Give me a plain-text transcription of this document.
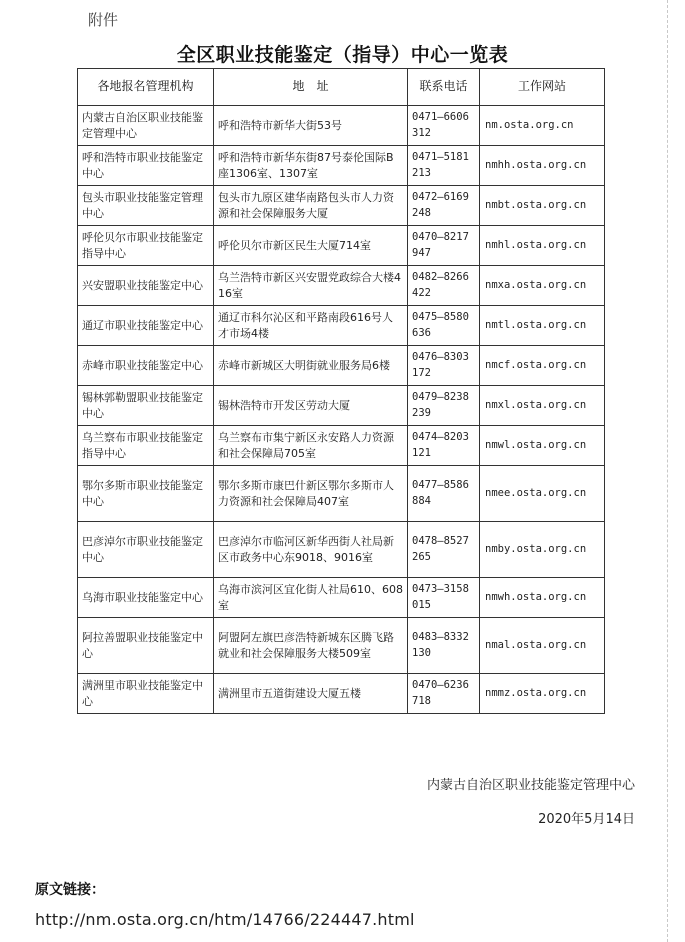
附件
全区职业技能鉴定（指导）中心一览表
各地报名管理机构	地　址	联系电话	工作网站
内蒙古自治区职业技能鉴定管理中心	呼和浩特市新华大街53号	0471—6606312	nm.osta.org.cn
呼和浩特市职业技能鉴定中心	呼和浩特市新华东街87号泰伦国际B座1306室、1307室	0471—5181213	nmhh.osta.org.cn
包头市职业技能鉴定管理中心	包头市九原区建华南路包头市人力资源和社会保障服务大厦	0472—6169248	nmbt.osta.org.cn
呼伦贝尔市职业技能鉴定指导中心	呼伦贝尔市新区民生大厦714室	0470—8217947	nmhl.osta.org.cn
兴安盟职业技能鉴定中心	乌兰浩特市新区兴安盟党政综合大楼416室	0482—8266422	nmxa.osta.org.cn
通辽市职业技能鉴定中心	通辽市科尔沁区和平路南段616号人才市场4楼	0475—8580636	nmtl.osta.org.cn
赤峰市职业技能鉴定中心	赤峰市新城区大明街就业服务局6楼	0476—8303172	nmcf.osta.org.cn
锡林郭勒盟职业技能鉴定中心	锡林浩特市开发区劳动大厦	0479—8238239	nmxl.osta.org.cn
乌兰察布市职业技能鉴定指导中心	乌兰察布市集宁新区永安路人力资源和社会保障局705室	0474—8203121	nmwl.osta.org.cn
鄂尔多斯市职业技能鉴定中心	鄂尔多斯市康巴什新区鄂尔多斯市人力资源和社会保障局407室	0477—8586884	nmee.osta.org.cn
巴彦淖尔市职业技能鉴定中心	巴彦淖尔市临河区新华西街人社局新区市政务中心东9018、9016室	0478—8527265	nmby.osta.org.cn
乌海市职业技能鉴定中心	乌海市滨河区宜化街人社局610、608室	0473—3158015	nmwh.osta.org.cn
阿拉善盟职业技能鉴定中心	阿盟阿左旗巴彦浩特新城东区腾飞路就业和社会保障服务大楼509室	0483—8332130	nmal.osta.org.cn
满洲里市职业技能鉴定中心	满洲里市五道街建设大厦五楼	0470—6236718	nmmz.osta.org.cn
内蒙古自治区职业技能鉴定管理中心
2020年5月14日
原文链接：
http://nm.osta.org.cn/htm/14766/224447.html
